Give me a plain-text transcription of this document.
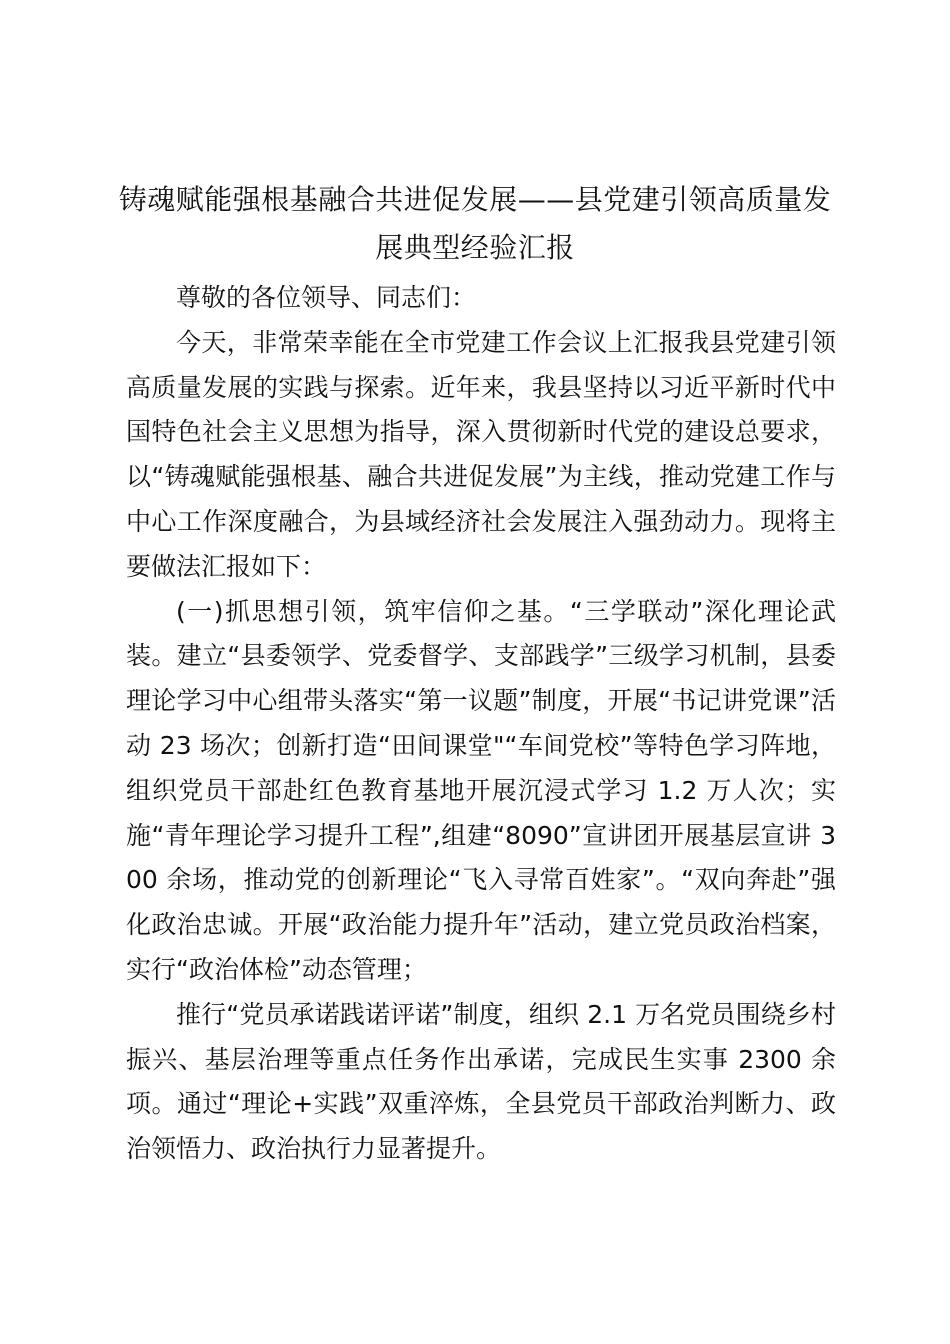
铸魂赋能强根基融合共进促发展——县党建引领高质量发展典型经验汇报

尊敬的各位领导、同志们：

今天，非常荣幸能在全市党建工作会议上汇报我县党建引领高质量发展的实践与探索。近年来，我县坚持以习近平新时代中国特色社会主义思想为指导，深入贯彻新时代党的建设总要求，以“铸魂赋能强根基、融合共进促发展”为主线，推动党建工作与中心工作深度融合，为县域经济社会发展注入强劲动力。现将主要做法汇报如下：

(一)抓思想引领，筑牢信仰之基。“三学联动”深化理论武装。建立“县委领学、党委督学、支部践学”三级学习机制，县委理论学习中心组带头落实“第一议题”制度，开展“书记讲党课”活动 23 场次；创新打造“田间课堂"“车间党校”等特色学习阵地，组织党员干部赴红色教育基地开展沉浸式学习 1.2 万人次；实施“青年理论学习提升工程”,组建“8090”宣讲团开展基层宣讲 300 余场，推动党的创新理论“飞入寻常百姓家”。“双向奔赴”强化政治忠诚。开展“政治能力提升年”活动，建立党员政治档案，实行“政治体检”动态管理；

推行“党员承诺践诺评诺”制度，组织 2.1 万名党员围绕乡村振兴、基层治理等重点任务作出承诺，完成民生实事 2300 余项。通过“理论+实践”双重淬炼，全县党员干部政治判断力、政治领悟力、政治执行力显著提升。
